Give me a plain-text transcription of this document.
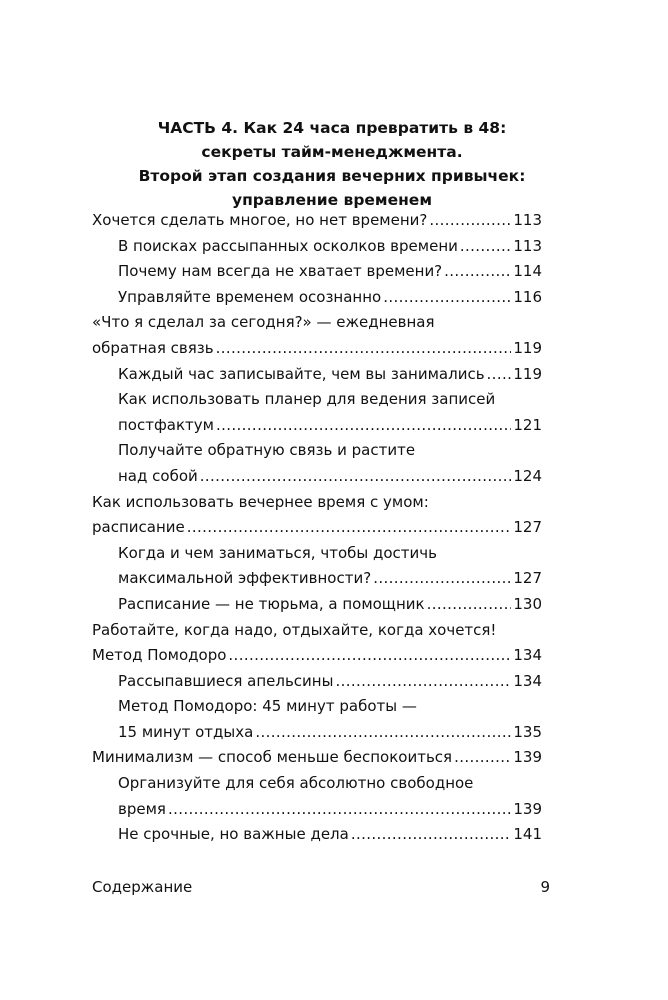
ЧАСТЬ 4. Как 24 часа превратить в 48:
секреты тайм-менеджмента.
Второй этап создания вечерних привычек:
управление временем
Хочется сделать многое, но нет времени? . . .	113
В поисках рассыпанных осколков времени . . .	113
Почему нам всегда не хватает времени? . . .	114
Управляйте временем осознанно . . .	116
«Что я сделал за сегодня?» — ежедневная
обратная связь . . .	119
Каждый час записывайте, чем вы занимались . . . 119
Как использовать планер для ведения записей
постфактум . . .	121
Получайте обратную связь и растите
над собой . . .	124
Как использовать вечернее время с умом:
расписание . . .	127
Когда и чем заниматься, чтобы достичь
максимальной эффективности? . . .	127
Расписание — не тюрьма, а помощник . . .	130
Работайте, когда надо, отдыхайте, когда хочется!
Метод Помодоро . . .	134
Рассыпавшиеся апельсины . . .	134
Метод Помодоро: 45 минут работы —
15 минут отдыха . . .	135
Минимализм — способ меньше беспокоиться . . .	139
Организуйте для себя абсолютно свободное
время . . .	139
Не срочные, но важные дела . . .	141
Содержание	9
